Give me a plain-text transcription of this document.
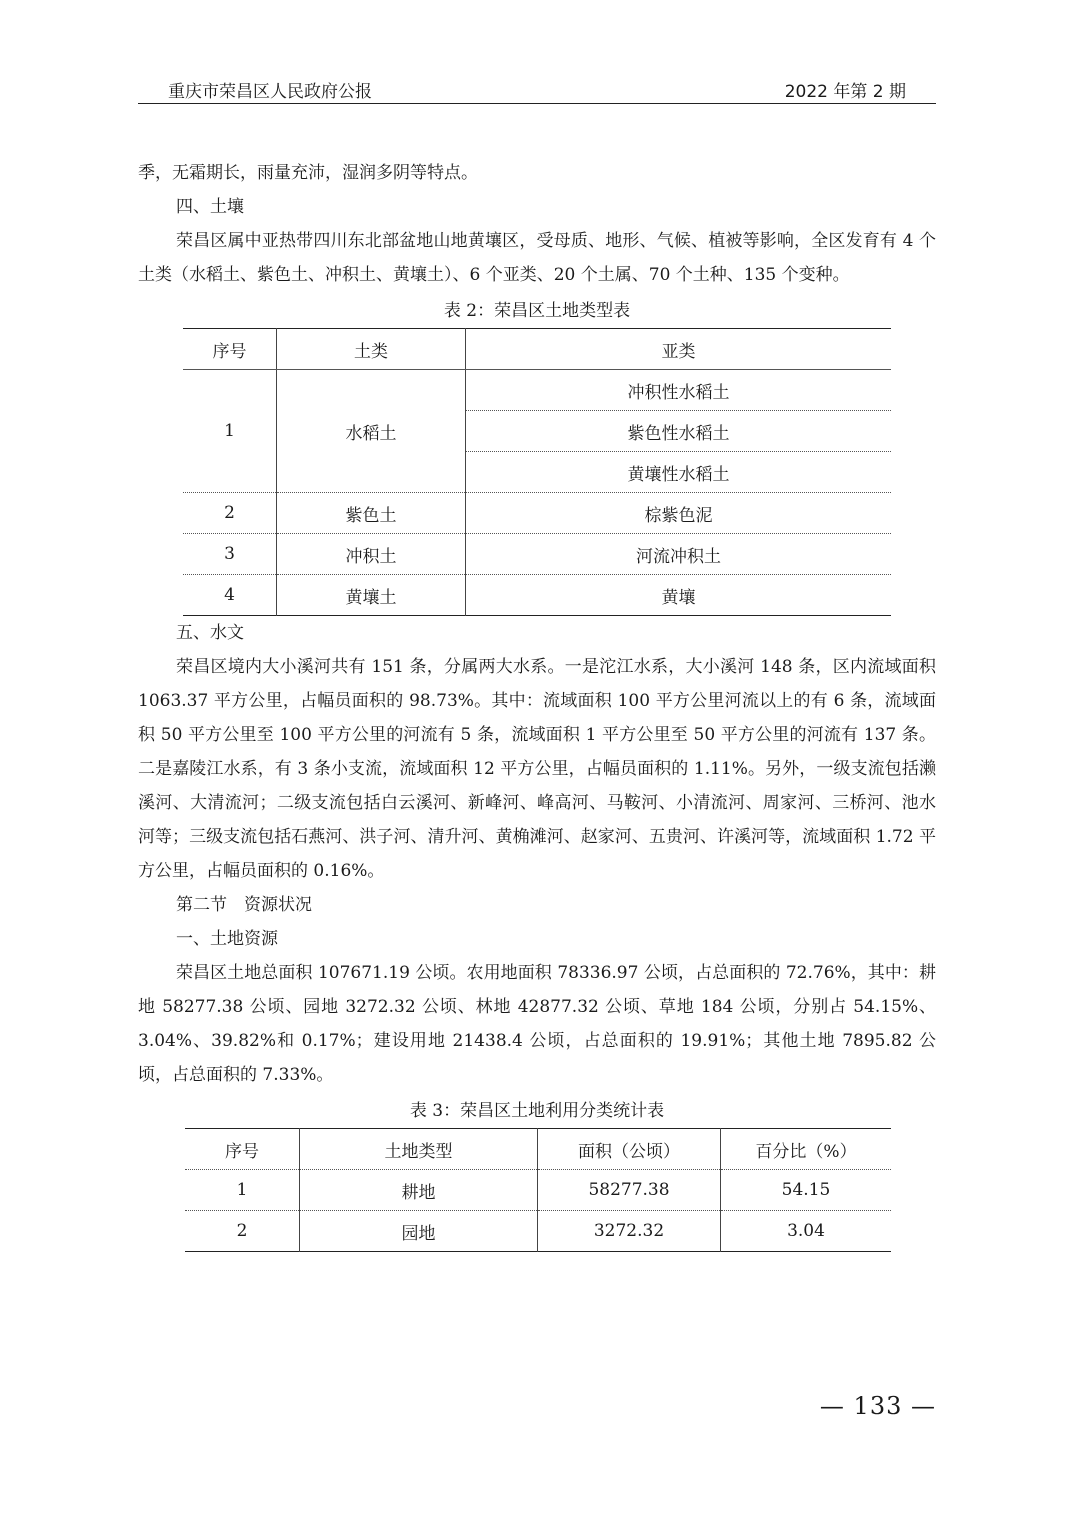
重庆市荣昌区人民政府公报	2022 年第 2 期

季，无霜期长，雨量充沛，湿润多阴等特点。

四、土壤

荣昌区属中亚热带四川东北部盆地山地黄壤区，受母质、地形、气候、植被等影响，全区发育有 4 个土类（水稻土、紫色土、冲积土、黄壤土）、6 个亚类、20 个土属、70 个土种、135 个变种。

表 2：荣昌区土地类型表
序号	土类	亚类
1	水稻土	冲积性水稻土
		紫色性水稻土
		黄壤性水稻土
2	紫色土	棕紫色泥
3	冲积土	河流冲积土
4	黄壤土	黄壤

五、水文

荣昌区境内大小溪河共有 151 条，分属两大水系。一是沱江水系，大小溪河 148 条，区内流域面积 1063.37 平方公里，占幅员面积的 98.73%。其中：流域面积 100 平方公里河流以上的有 6 条，流域面积 50 平方公里至 100 平方公里的河流有 5 条，流域面积 1 平方公里至 50 平方公里的河流有 137 条。二是嘉陵江水系，有 3 条小支流，流域面积 12 平方公里，占幅员面积的 1.11%。另外，一级支流包括濑溪河、大清流河；二级支流包括白云溪河、新峰河、峰高河、马鞍河、小清流河、周家河、三桥河、池水河等；三级支流包括石燕河、洪子河、清升河、黄桷滩河、赵家河、五贵河、许溪河等，流域面积 1.72 平方公里，占幅员面积的 0.16%。

第二节　资源状况

一、土地资源

荣昌区土地总面积 107671.19 公顷。农用地面积 78336.97 公顷，占总面积的 72.76%，其中：耕地 58277.38 公顷、园地 3272.32 公顷、林地 42877.32 公顷、草地 184 公顷，分别占 54.15%、3.04%、39.82%和 0.17%；建设用地 21438.4 公顷，占总面积的 19.91%；其他土地 7895.82 公顷，占总面积的 7.33%。

表 3：荣昌区土地利用分类统计表
序号	土地类型	面积（公顷）	百分比（%）
1	耕地	58277.38	54.15
2	园地	3272.32	3.04
— 133 —
